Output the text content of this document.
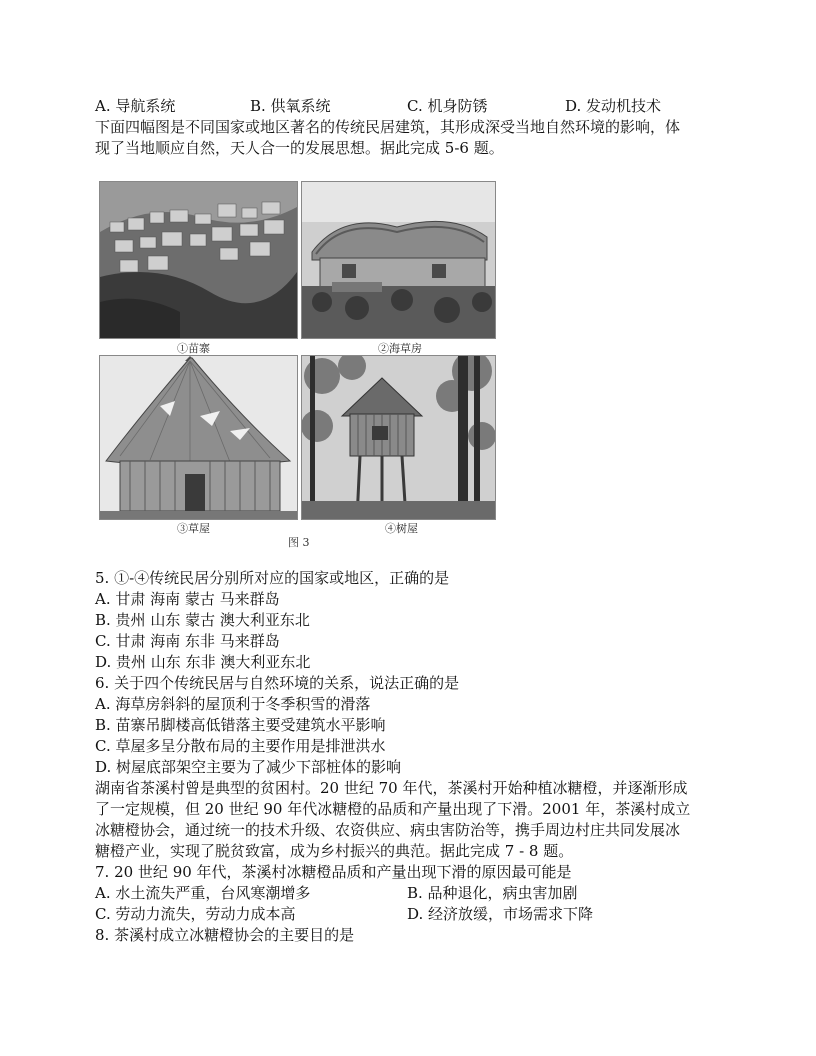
A. 导航系统	B. 供氧系统	C. 机身防锈	D. 发动机技术
下面四幅图是不同国家或地区著名的传统民居建筑，其形成深受当地自然环境的影响，体
现了当地顺应自然，天人合一的发展思想。据此完成 5-6 题。
①苗寨	②海草房
③草屋	④树屋
图 3
5. ①-④传统民居分别所对应的国家或地区，正确的是
A. 甘肃 海南 蒙古 马来群岛
B. 贵州 山东 蒙古 澳大利亚东北
C. 甘肃 海南 东非 马来群岛
D. 贵州 山东 东非 澳大利亚东北
6. 关于四个传统民居与自然环境的关系，说法正确的是
A. 海草房斜斜的屋顶利于冬季积雪的滑落
B. 苗寨吊脚楼高低错落主要受建筑水平影响
C. 草屋多呈分散布局的主要作用是排泄洪水
D. 树屋底部架空主要为了减少下部桩体的影响
湖南省茶溪村曾是典型的贫困村。20 世纪 70 年代，茶溪村开始种植冰糖橙，并逐渐形成
了一定规模，但 20 世纪 90 年代冰糖橙的品质和产量出现了下滑。2001 年，茶溪村成立
冰糖橙协会，通过统一的技术升级、农资供应、病虫害防治等，携手周边村庄共同发展冰
糖橙产业，实现了脱贫致富，成为乡村振兴的典范。据此完成 7 - 8 题。
7. 20 世纪 90 年代，茶溪村冰糖橙品质和产量出现下滑的原因最可能是
A. 水土流失严重，台风寒潮增多	B. 品种退化，病虫害加剧
C. 劳动力流失，劳动力成本高	D. 经济放缓，市场需求下降
8. 茶溪村成立冰糖橙协会的主要目的是
